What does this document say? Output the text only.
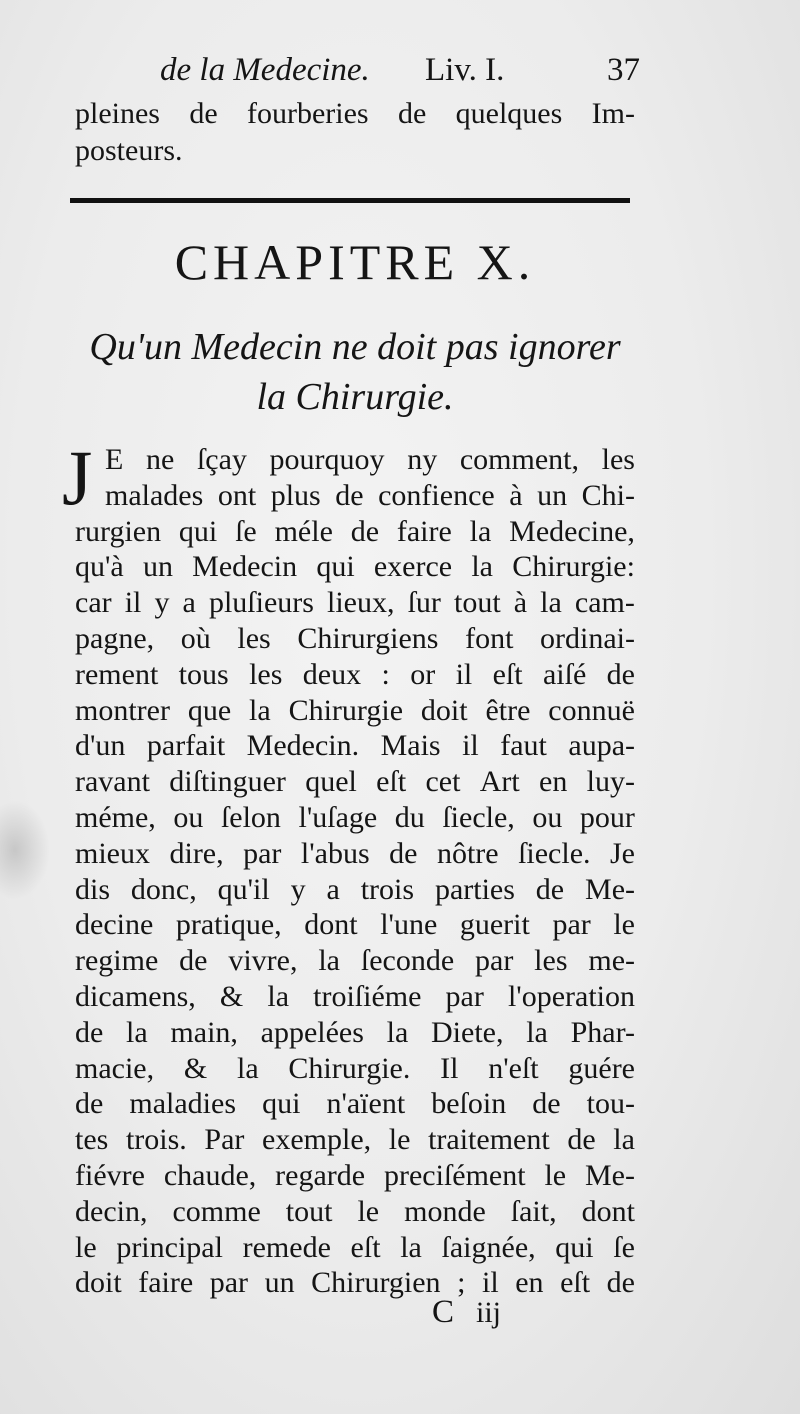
de la Medecine. Liv. I.	37
pleines de fourberies de quelques Im-
posteurs.
CHAPITRE X.
Qu'un Medecin ne doit pas ignorer
la Chirurgie.
J E ne ſçay pourquoy ny comment, les
malades ont plus de confience à un Chi-
rurgien qui ſe méle de faire la Medecine,
qu'à un Medecin qui exerce la Chirurgie:
car il y a pluſieurs lieux, ſur tout à la cam-
pagne, où les Chirurgiens font ordinai-
rement tous les deux : or il eſt aiſé de
montrer que la Chirurgie doit être connuë
d'un parfait Medecin. Mais il faut aupa-
ravant diſtinguer quel eſt cet Art en luy-
méme, ou ſelon l'uſage du ſiecle, ou pour
mieux dire, par l'abus de nôtre ſiecle. Je
dis donc, qu'il y a trois parties de Me-
decine pratique, dont l'une guerit par le
regime de vivre, la ſeconde par les me-
dicamens, & la troiſiéme par l'operation
de la main, appelées la Diete, la Phar-
macie, & la Chirurgie. Il n'eſt guére
de maladies qui n'aïent beſoin de tou-
tes trois. Par exemple, le traitement de la
fiévre chaude, regarde preciſément le Me-
decin, comme tout le monde ſait, dont
le principal remede eſt la ſaignée, qui ſe
doit faire par un Chirurgien ; il en eſt de
C iij
